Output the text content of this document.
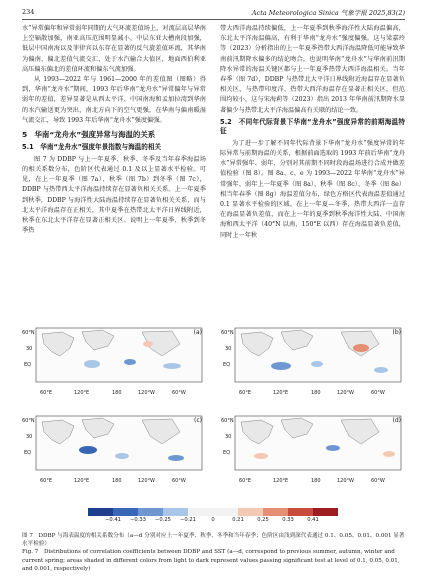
234	Acta Meteorologica Sinica 气象学报 2025,83(2)

水”异常偏年和异常弱年同期的大气环流差值场上，对流层高层华南上空辐散加强，南亚高压范围明显减小，中层东亚大槽南段加强，低层中国南海以及菲律宾以东存在显著的反气旋差值环流，其华南为偏南、偏北差值气流交汇，处于水汽输合大值区，地面西伯利亚高压偏东偏北的差值环流和偏东气流加强。

从 1993—2022 年与 1961—2000 年的差值图（图略）得到，华南“龙舟水”期间，1993 年后华南“龙舟水”异常偏年与异常弱年的差值，差异显著是从西太平洋、中国南海和孟加拉湾到华南的水汽输送更为突出，南北方向下的空气更强，在华南与偏南暖湿气流交汇，导致 1993 年后华南“龙舟水”强度偏强。

5　华南“龙舟水”强度异常与海温的关系
5.1　华南“龙舟水”强度年景指数与海温的相关

图 7 为 DDBP 与上一年夏季、秋季、冬季及当年春季海温场的相关系数分布，色阶区代表通过 0.1 及以上显著水平检验。可见，在上一年夏季（图 7a）、秋季（图 7b）到冬季（图 7c），DDBP 与热带西太平洋海温持续存在显著负相关关系。上一年夏季到秋季，DDBP 与海洋性大陆海温持续存在显著负相关关系，而与北太平洋海温存在正相关，其中夏季在热带北太平洋日界线附近，秋季在东北太平洋存在显著正相关区。说明上一年夏季、秋季到冬季热

带大西洋海温持续偏低，上一年夏季到秋季海洋性大陆海温偏高，东北太平洋海温偏高，有利于华南“龙舟水”强度偏强。这与梁嘉玲等（2023）分析指出的上一年夏季热带大西洋海温降低可能导致华南前汛期降水偏多的结论吻合，也说明华南“龙舟水”与华南前汛期降水异常的海温关键区都与上一年夏季热带大西洋海温相关。当年春季（图 7d），DDBP 与热带北大平洋日界线附近海温存在显著负相关区，与热带印度洋、热带大西洋海温存在显著正相关区，但范围均较小，这与宋海莉等（2023）指出 2013 年华南前汛期降水显著偏少与热带北大平洋海温偏高有关联的结论一致。

5.2　不同年代际背景下华南“龙舟水”强度异常的前期海温特征

为了进一步了解不同年代际背景下华南“龙舟水”强度异常的年际异常与前期海温的关系，根据前面选取的 1993 年前后华南“龙舟水”异常强年、弱年，分别对其前期不同时段海温场进行合成并做差值检验（图 8）。图 8a、c、e 为 1993—2022 年华南“龙舟水”异常强年、弱年上一年夏季（图 8a）、秋季（图 8c）、冬季（图 8e）相当年春季（图 8g）海温差值分布，绿色方格区代表海温差值通过 0.1 显著水平检验的区域。在上一年夏—冬季，热带大西洋一直存在海温显著负差值，而在上一年的夏季到秋季海洋性大陆、中国南海和西太平洋（40°N 以南，150°E 以西）存在海温显著负差值，同时上一年秋

60°N
30
EQ
(a)	60°N
30
EQ
(b)
60°N
30
EQ
(c)	60°N
30
EQ
(d)
60°E	120°E	180	120°W	60°W	60°E	120°E	180	120°W	60°W
60°E	120°E	180	120°W	60°W	60°E	120°E	180	120°W	60°W
−0.41 −0.33 −0.25 −0.21	0	0.21	0.25	0.33	0.41

图 7　DDBP 与海表温度的相关系数分布（a—d 分别对应上一年夏季、秋季、冬季和当年春季；色阶区由浅到深代表通过 0.1、0.05、0.01、0.001 显著水平检验）

Fig. 7　Distributions of correlation coefficients between DDBP and SST (a—d, correspond to previous summer, autumn, winter and current spring; areas shaded in different colors from light to dark represent values passing significant test at level of 0.1, 0.05, 0.01, and 0.001, respectively)
